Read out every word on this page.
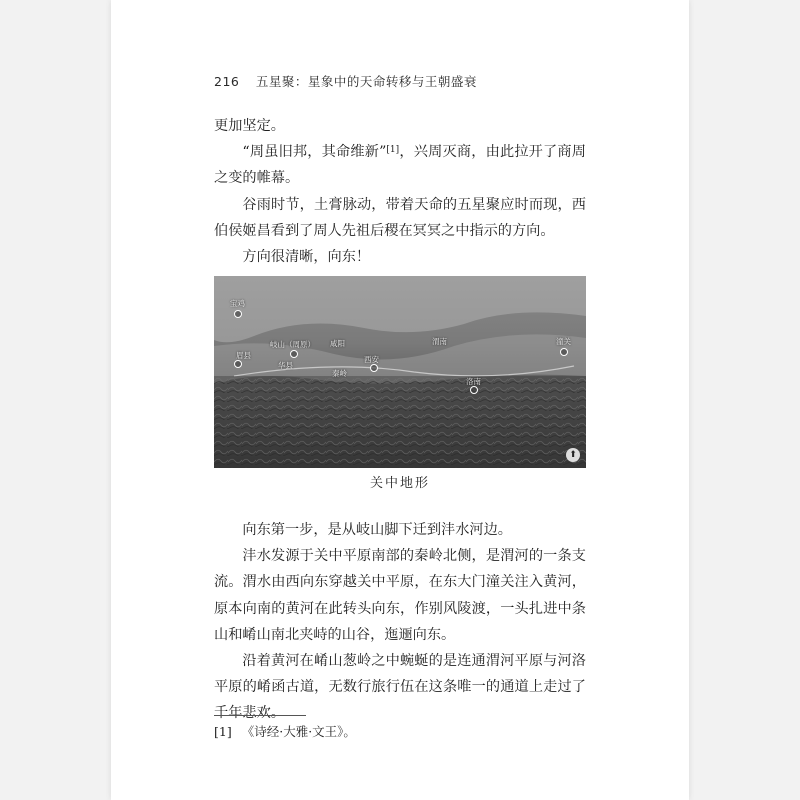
216 五星聚：星象中的天命转移与王朝盛衰

更加坚定。

“周虽旧邦，其命维新”[1]，兴周灭商，由此拉开了商周之变的帷幕。

谷雨时节，土膏脉动，带着天命的五星聚应时而现，西伯侯姬昌看到了周人先祖后稷在冥冥之中指示的方向。

方向很清晰，向东！

宝鸡
岐山（周原） 咸阳
西安
渭南
眉县
潼关
洛南
秦岭
华县
⬆
关中地形

向东第一步，是从岐山脚下迁到沣水河边。

沣水发源于关中平原南部的秦岭北侧，是渭河的一条支流。渭水由西向东穿越关中平原，在东大门潼关注入黄河，原本向南的黄河在此转头向东，作别风陵渡，一头扎进中条山和崤山南北夹峙的山谷，迤逦向东。

沿着黄河在崤山葱岭之中蜿蜒的是连通渭河平原与河洛平原的崤函古道，无数行旅行伍在这条唯一的通道上走过了千年悲欢。

[1] 《诗经·大雅·文王》。
